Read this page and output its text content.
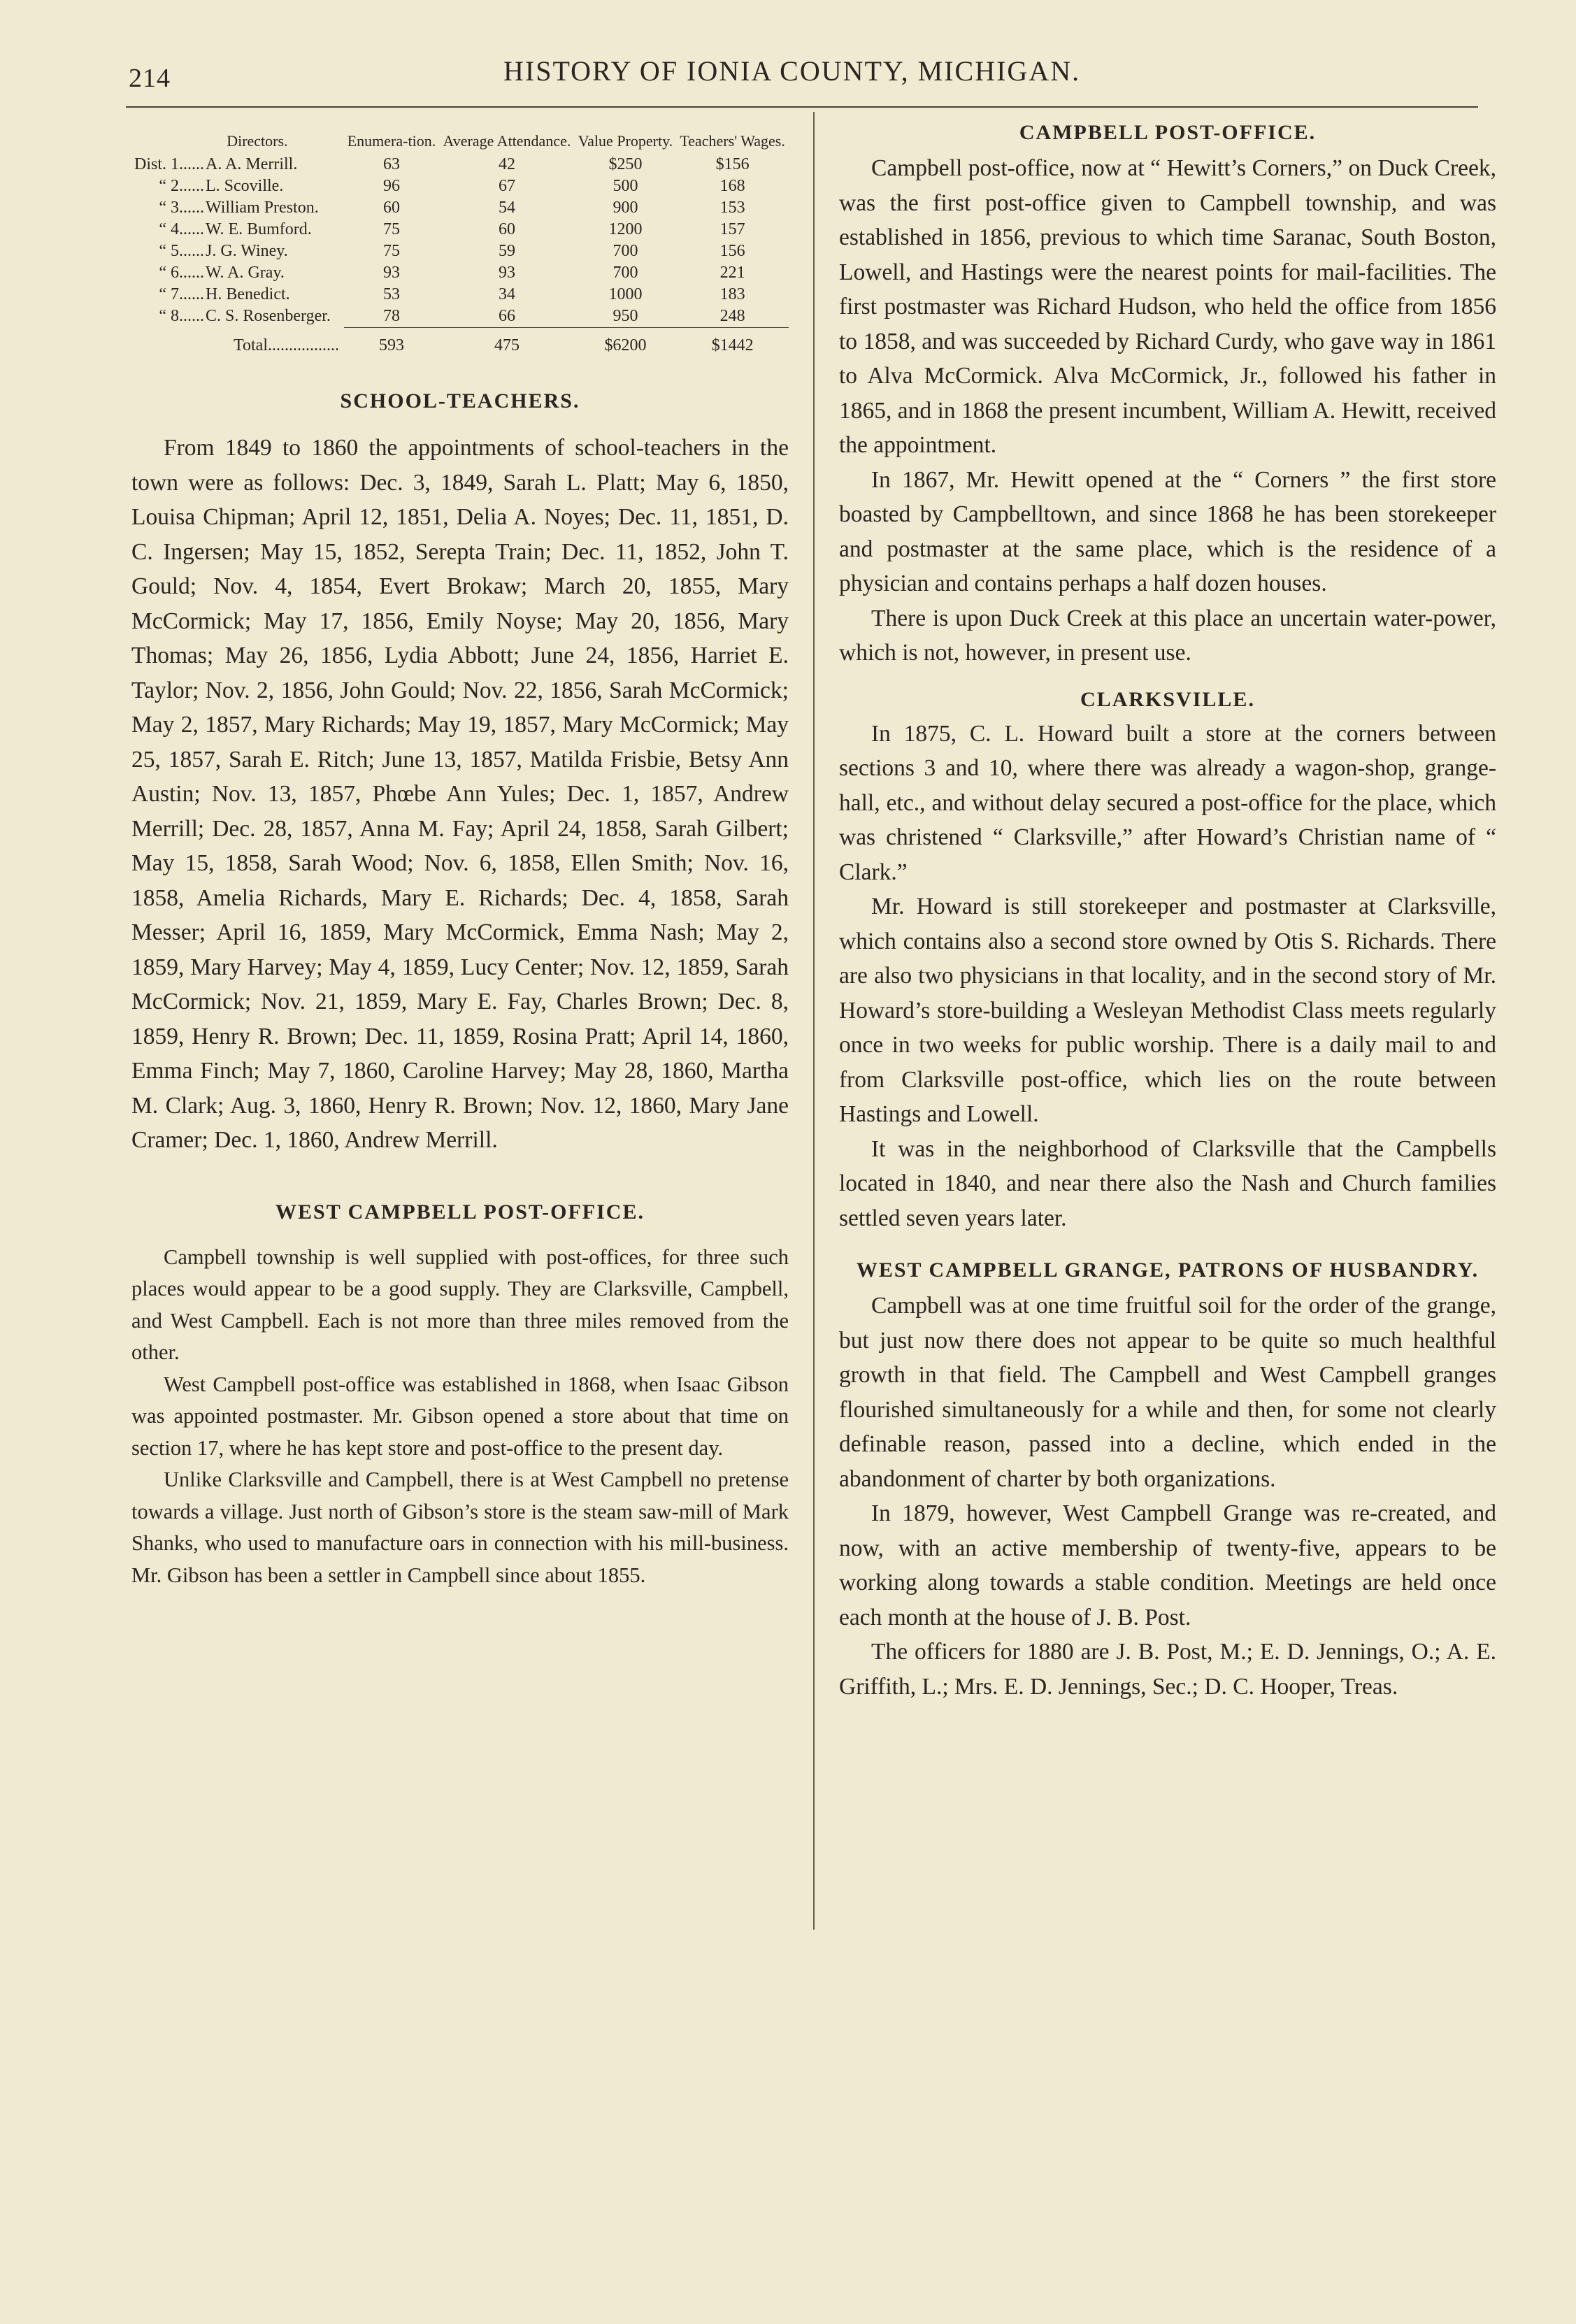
214	HISTORY OF IONIA COUNTY, MICHIGAN.
Directors.		Enumera-tion.	Average Attendance.	Value Property.	Teachers' Wages.
Dist. 1......	A. A. Merrill.	63	42	$250	$156
“ 2......	L. Scoville.	96	67	500	168
“ 3......	William Preston.	60	54	900	153
“ 4......	W. E. Bumford.	75	60	1200	157
“ 5......	J. G. Winey.	75	59	700	156
“ 6......	W. A. Gray.	93	93	700	221
“ 7......	H. Benedict.	53	34	1000	183
“ 8......	C. S. Rosenberger.	78	66	950	248

	Total.................	593	475	$6200	$1442
SCHOOL-TEACHERS.

From 1849 to 1860 the appointments of school-teachers in the town were as follows: Dec. 3, 1849, Sarah L. Platt; May 6, 1850, Louisa Chipman; April 12, 1851, Delia A. Noyes; Dec. 11, 1851, D. C. Ingersen; May 15, 1852, Serepta Train; Dec. 11, 1852, John T. Gould; Nov. 4, 1854, Evert Brokaw; March 20, 1855, Mary McCormick; May 17, 1856, Emily Noyse; May 20, 1856, Mary Thomas; May 26, 1856, Lydia Abbott; June 24, 1856, Harriet E. Taylor; Nov. 2, 1856, John Gould; Nov. 22, 1856, Sarah McCormick; May 2, 1857, Mary Richards; May 19, 1857, Mary McCormick; May 25, 1857, Sarah E. Ritch; June 13, 1857, Matilda Frisbie, Betsy Ann Austin; Nov. 13, 1857, Phœbe Ann Yules; Dec. 1, 1857, Andrew Merrill; Dec. 28, 1857, Anna M. Fay; April 24, 1858, Sarah Gilbert; May 15, 1858, Sarah Wood; Nov. 6, 1858, Ellen Smith; Nov. 16, 1858, Amelia Richards, Mary E. Richards; Dec. 4, 1858, Sarah Messer; April 16, 1859, Mary McCormick, Emma Nash; May 2, 1859, Mary Harvey; May 4, 1859, Lucy Center; Nov. 12, 1859, Sarah McCormick; Nov. 21, 1859, Mary E. Fay, Charles Brown; Dec. 8, 1859, Henry R. Brown; Dec. 11, 1859, Rosina Pratt; April 14, 1860, Emma Finch; May 7, 1860, Caroline Harvey; May 28, 1860, Martha M. Clark; Aug. 3, 1860, Henry R. Brown; Nov. 12, 1860, Mary Jane Cramer; Dec. 1, 1860, Andrew Merrill.

WEST CAMPBELL POST-OFFICE.

Campbell township is well supplied with post-offices, for three such places would appear to be a good supply. They are Clarksville, Campbell, and West Campbell. Each is not more than three miles removed from the other.

West Campbell post-office was established in 1868, when Isaac Gibson was appointed postmaster. Mr. Gibson opened a store about that time on section 17, where he has kept store and post-office to the present day.

Unlike Clarksville and Campbell, there is at West Campbell no pretense towards a village. Just north of Gibson’s store is the steam saw-mill of Mark Shanks, who used to manufacture oars in connection with his mill-business. Mr. Gibson has been a settler in Campbell since about 1855.

CAMPBELL POST-OFFICE.

Campbell post-office, now at “ Hewitt’s Corners,” on Duck Creek, was the first post-office given to Campbell township, and was established in 1856, previous to which time Saranac, South Boston, Lowell, and Hastings were the nearest points for mail-facilities. The first postmaster was Richard Hudson, who held the office from 1856 to 1858, and was succeeded by Richard Curdy, who gave way in 1861 to Alva McCormick. Alva McCormick, Jr., followed his father in 1865, and in 1868 the present incumbent, William A. Hewitt, received the appointment.

In 1867, Mr. Hewitt opened at the “ Corners ” the first store boasted by Campbelltown, and since 1868 he has been storekeeper and postmaster at the same place, which is the residence of a physician and contains perhaps a half dozen houses.

There is upon Duck Creek at this place an uncertain water-power, which is not, however, in present use.

CLARKSVILLE.

In 1875, C. L. Howard built a store at the corners between sections 3 and 10, where there was already a wagon-shop, grange-hall, etc., and without delay secured a post-office for the place, which was christened “ Clarksville,” after Howard’s Christian name of “ Clark.”

Mr. Howard is still storekeeper and postmaster at Clarksville, which contains also a second store owned by Otis S. Richards. There are also two physicians in that locality, and in the second story of Mr. Howard’s store-building a Wesleyan Methodist Class meets regularly once in two weeks for public worship. There is a daily mail to and from Clarksville post-office, which lies on the route between Hastings and Lowell.

It was in the neighborhood of Clarksville that the Campbells located in 1840, and near there also the Nash and Church families settled seven years later.

WEST CAMPBELL GRANGE, PATRONS OF HUSBANDRY.

Campbell was at one time fruitful soil for the order of the grange, but just now there does not appear to be quite so much healthful growth in that field. The Campbell and West Campbell granges flourished simultaneously for a while and then, for some not clearly definable reason, passed into a decline, which ended in the abandonment of charter by both organizations.

In 1879, however, West Campbell Grange was re-created, and now, with an active membership of twenty-five, appears to be working along towards a stable condition. Meetings are held once each month at the house of J. B. Post.

The officers for 1880 are J. B. Post, M.; E. D. Jennings, O.; A. E. Griffith, L.; Mrs. E. D. Jennings, Sec.; D. C. Hooper, Treas.
